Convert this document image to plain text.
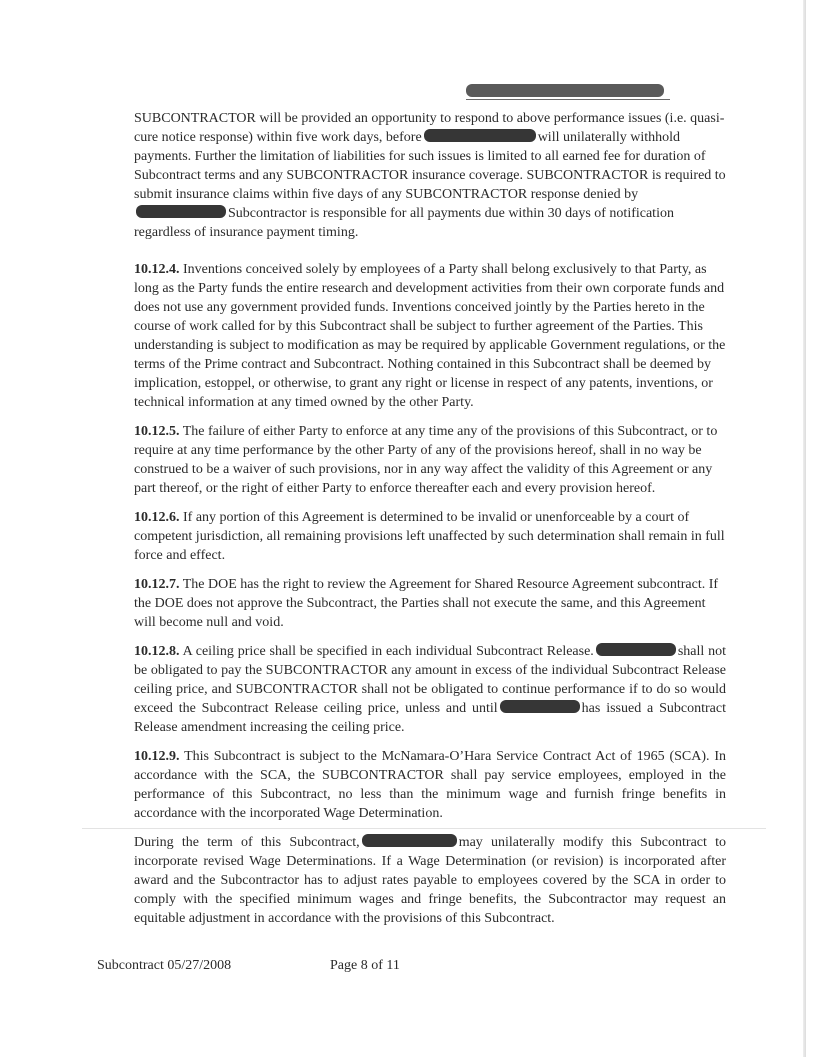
SUBCONTRACTOR will be provided an opportunity to respond to above performance issues (i.e. quasi-cure notice response) within five work days, before	will unilaterally withhold payments. Further the limitation of liabilities for such issues is limited to all earned fee for duration of Subcontract terms and any SUBCONTRACTOR insurance coverage. SUBCONTRACTOR is required to submit insurance claims within five days of any SUBCONTRACTOR response denied bySubcontractor is responsible for all payments due within 30 days of notification regardless of insurance payment timing.

10.12.4. Inventions conceived solely by employees of a Party shall belong exclusively to that Party, as long as the Party funds the entire research and development activities from their own corporate funds and does not use any government provided funds. Inventions conceived jointly by the Parties hereto in the course of work called for by this Subcontract shall be subject to further agreement of the Parties. This understanding is subject to modification as may be required by applicable Government regulations, or the terms of the Prime contract and Subcontract. Nothing contained in this Subcontract shall be deemed by implication, estoppel, or otherwise, to grant any right or license in respect of any patents, inventions, or technical information at any timed owned by the other Party.

10.12.5. The failure of either Party to enforce at any time any of the provisions of this Subcontract, or to require at any time performance by the other Party of any of the provisions hereof, shall in no way be construed to be a waiver of such provisions, nor in any way affect the validity of this Agreement or any part thereof, or the right of either Party to enforce thereafter each and every provision hereof.

10.12.6. If any portion of this Agreement is determined to be invalid or unenforceable by a court of competent jurisdiction, all remaining provisions left unaffected by such determination shall remain in full force and effect.

10.12.7. The DOE has the right to review the Agreement for Shared Resource Agreement subcontract. If the DOE does not approve the Subcontract, the Parties shall not execute the same, and this Agreement will become null and void.

10.12.8. A ceiling price shall be specified in each individual Subcontract Release.	shall not be obligated to pay the SUBCONTRACTOR any amount in excess of the individual Subcontract Release ceiling price, and SUBCONTRACTOR shall not be obligated to continue performance if to do so would exceed the Subcontract Release ceiling price, unless and until	has issued a Subcontract Release amendment increasing the ceiling price.

10.12.9. This Subcontract is subject to the McNamara-O’Hara Service Contract Act of 1965 (SCA). In accordance with the SCA, the SUBCONTRACTOR shall pay service employees, employed in the performance of this Subcontract, no less than the minimum wage and furnish fringe benefits in accordance with the incorporated Wage Determination.

During the term of this Subcontract,	may unilaterally modify this Subcontract to incorporate revised Wage Determinations. If a Wage Determination (or revision) is incorporated after award and the Subcontractor has to adjust rates payable to employees covered by the SCA in order to comply with the specified minimum wages and fringe benefits, the Subcontractor may request an equitable adjustment in accordance with the provisions of this Subcontract.

Subcontract 05/27/2008	Page 8 of 11
